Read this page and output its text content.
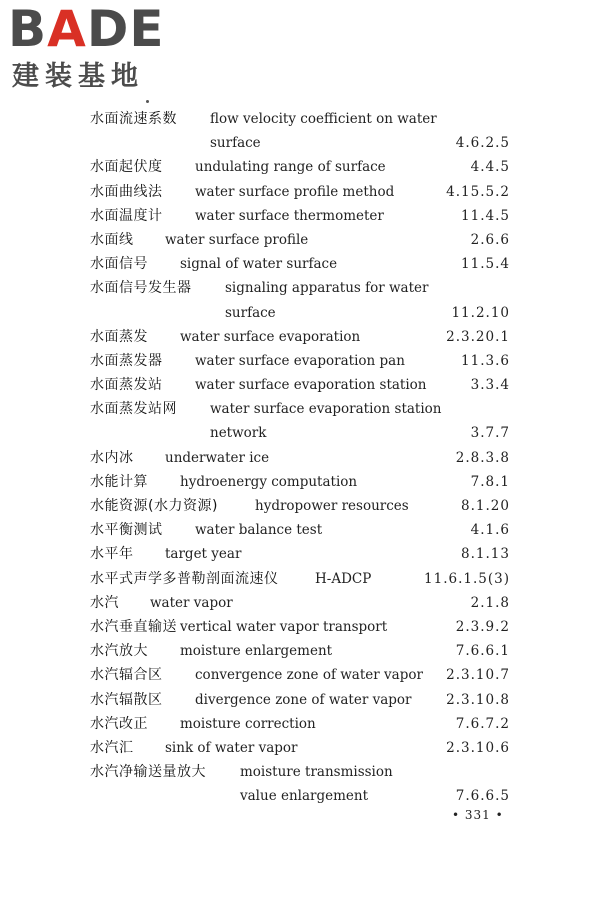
BADE
建装基地
水面流速系数 flow velocity coefficient on water
surface	4.6.2.5
水面起伏度 undulating range of surface	4.4.5
水面曲线法 water surface profile method	4.15.5.2
水面温度计 water surface thermometer	11.4.5
水面线 water surface profile	2.6.6
水面信号 signal of water surface	11.5.4
水面信号发生器 signaling apparatus for water
surface	11.2.10
水面蒸发 water surface evaporation	2.3.20.1
水面蒸发器 water surface evaporation pan	11.3.6
水面蒸发站 water surface evaporation station	3.3.4
水面蒸发站网 water surface evaporation station
network	3.7.7
水内冰 underwater ice	2.8.3.8
水能计算 hydroenergy computation	7.8.1
水能资源(水力资源)	hydropower resources	8.1.20
水平衡测试 water balance test	4.1.6
水平年 target year	8.1.13
水平式声学多普勒剖面流速仪	H-ADCP	11.6.1.5(3)
水汽 water vapor	2.1.8
水汽垂直输送 vertical water vapor transport	2.3.9.2
水汽放大 moisture enlargement	7.6.6.1
水汽辐合区 convergence zone of water vapor 2.3.10.7
水汽辐散区 divergence zone of water vapor	2.3.10.8
水汽改正 moisture correction	7.6.7.2
水汽汇 sink of water vapor	2.3.10.6
水汽净输送量放大	moisture transmission
value enlargement	7.6.6.5
• 331 •
